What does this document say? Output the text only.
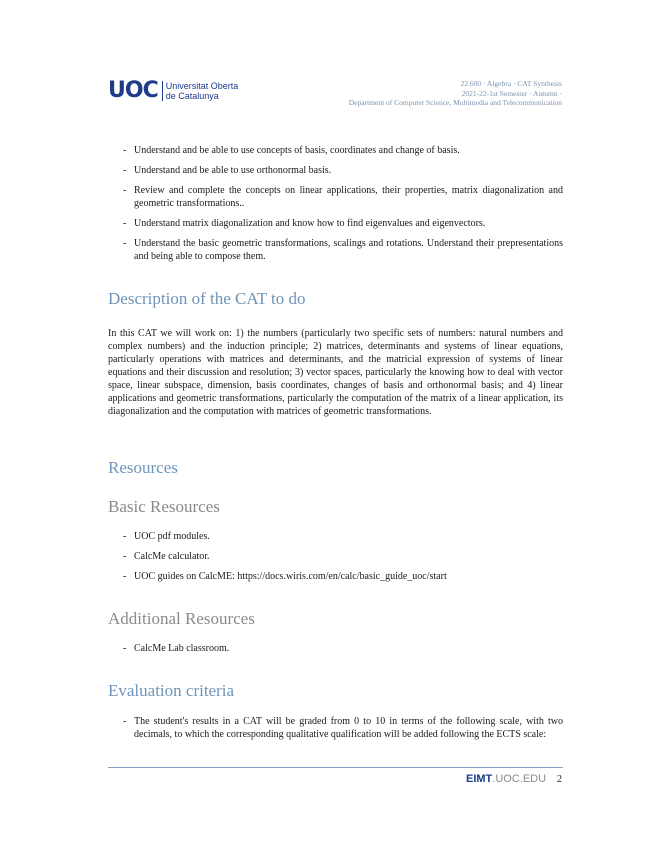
UOC Universitat Oberta
de Catalunya
22.600 · Algebra · CAT Synthesis
2021-22-1st Semester · Autumn ·
Department of Computer Science, Multimedia and Telecommunication
- Understand and be able to use concepts of basis, coordinates and change of basis.
- Understand and be able to use orthonormal basis.
- Review and complete the concepts on linear applications, their properties, matrix diagonalization and geometric transformations..
- Understand matrix diagonalization and know how to find eigenvalues and eigenvectors.
- Understand the basic geometric transformations, scalings and rotations. Understand their prepresentations and being able to compose them.
Description of the CAT to do

In this CAT we will work on: 1) the numbers (particularly two specific sets of numbers: natural numbers and complex numbers) and the induction principle; 2) matrices, determinants and systems of linear equations, particularly operations with matrices and determinants, and the matricial expression of systems of linear equations and their discussion and resolution; 3) vector spaces, particularly the knowing how to deal with vector space, linear subspace, dimension, basis coordinates, changes of basis and orthonormal basis; and 4) linear applications and geometric transformations, particularly the computation of the matrix of a linear application, its diagonalization and the computation with matrices of geometric transformations.

Resources
Basic Resources
- UOC pdf modules.
- CalcMe calculator.
- UOC guides on CalcME: https://docs.wiris.com/en/calc/basic_guide_uoc/start
Additional Resources
- CalcMe Lab classroom.
Evaluation criteria
- The student's results in a CAT will be graded from 0 to 10 in terms of the following scale, with two decimals, to which the corresponding qualitative qualification will be added following the ECTS scale:
EIMT.UOC.EDU 2
